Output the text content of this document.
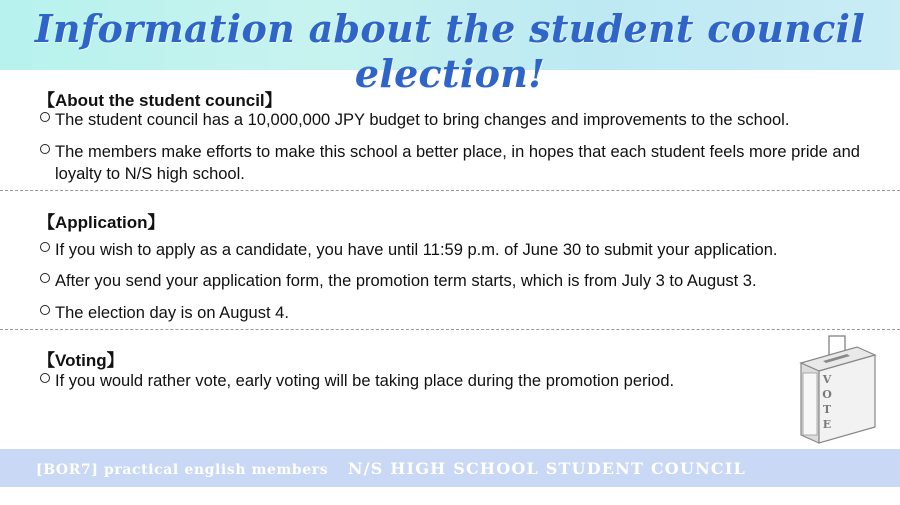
Information about the student council election!
【About the student council】
The student council has a 10,000,000 JPY budget to bring changes and improvements to the school.
The members make efforts to make this school a better place, in hopes that each student feels more pride and loyalty to N/S high school.
【Application】
If you wish to apply as a candidate, you have until 11:59 p.m. of June 30 to submit your application.
After you send your application form, the promotion term starts, which is from July 3 to August 3.
The election day is on August 4.
【Voting】
If you would rather vote, early voting will be taking place during the promotion period.	V
O
T
E
[BOR7] practical english members N/S HIGH SCHOOL STUDENT COUNCIL
